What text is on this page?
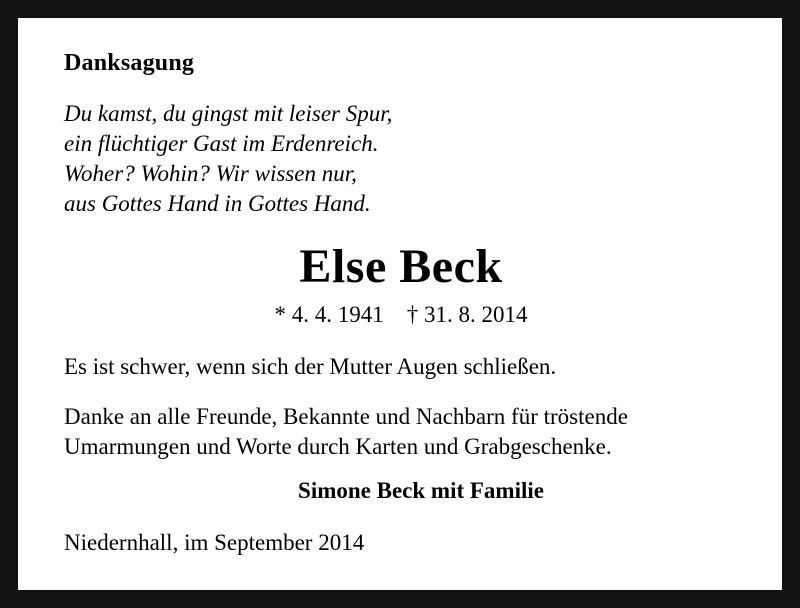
Danksagung
Du kamst, du gingst mit leiser Spur,
ein flüchtiger Gast im Erdenreich.
Woher? Wohin? Wir wissen nur,
aus Gottes Hand in Gottes Hand.
Else Beck
* 4. 4. 1941    † 31. 8. 2014
Es ist schwer, wenn sich der Mutter Augen schließen.
Danke an alle Freunde, Bekannte und Nachbarn für tröstende Umarmungen und Worte durch Karten und Grabgeschenke.
Simone Beck mit Familie
Niedernhall, im September 2014
